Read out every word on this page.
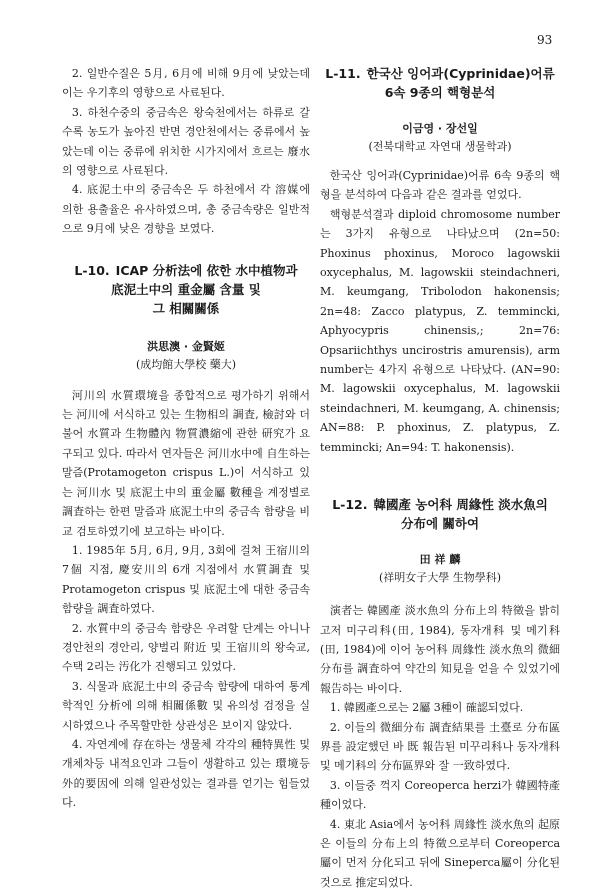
93

2. 일반수질은 5月, 6月에 비해 9月에 낮았는데 이는 우기후의 영향으로 사료된다.

3. 하천수중의 중금속은 왕숙천에서는 하류로 갈수록 농도가 높아진 반면 경안천에서는 중류에서 높았는데 이는 중류에 위치한 시가지에서 흐르는 廢水의 영향으로 사료된다.

4. 底泥土中의 중금속은 두 하천에서 각 溶媒에 의한 용출율은 유사하였으며, 총 중금속량은 일반적으로 9月에 낮은 경향을 보였다.

L-10. ICAP 分析法에 依한 水中植物과
底泥土中의 重金屬 含量 및
그 相關關係
洪思澳 · 金賢姬
(成均館大學校 藥大)

河川의 水質環境을 종합적으로 평가하기 위해서는 河川에 서식하고 있는 生物相의 調査, 檢討와 더불어 水質과 生物體內 物質濃縮에 관한 研究가 요구되고 있다. 따라서 연자들은 河川水中에 自生하는 말즘(Protamogeton crispus L.)이 서식하고 있는 河川水 및 底泥土中의 重金屬 數種을 계정별로 調査하는 한편 말즘과 底泥土中의 중금속 함량을 비교 검토하였기에 보고하는 바이다.

1. 1985年 5月, 6月, 9月, 3회에 걸쳐 王宿川의 7個 지점, 慶安川의 6개 지점에서 水質調査 및 Protamogeton crispus 및 底泥土에 대한 중금속 함량을 調査하였다.

2. 水質中의 중금속 함량은 우려할 단계는 아니나 경안천의 경안리, 양벌리 附近 및 王宿川의 왕숙교, 수택 2리는 汚化가 진행되고 있었다.

3. 식물과 底泥土中의 중금속 함량에 대하여 통계학적인 分析에 의해 相關係數 및 유의성 검정을 실시하였으나 주목할만한 상관성은 보이지 않았다.

4. 자연계에 存在하는 생물체 각각의 種特異性 및 개체차등 내적요인과 그들이 생활하고 있는 環境등 外的要因에 의해 일관성있는 결과를 얻기는 힘들었다.

L-11. 한국산 잉어과(Cyprinidae)어류
6속 9종의 핵형분석
이금영 · 장선일
(전북대학교 자연대 생물학과)

한국산 잉어과(Cyprinidae)어류 6속 9종의 핵형을 분석하여 다음과 같은 결과를 얻었다.

핵형분석결과 diploid chromosome number는 3가지 유형으로 나타났으며 (2n=50: Phoxinus phoxinus, Moroco lagowskii oxycephalus, M. lagowskii steindachneri, M. keumgang, Tribolodon hakonensis; 2n=48: Zacco platypus, Z. temmincki, Aphyocypris chinensis,; 2n=76: Opsariichthys uncirostris amurensis), arm number는 4가지 유형으로 나타났다. (AN=90: M. lagowskii oxycephalus, M. lagowskii steindachneri, M. keumgang, A. chinensis; AN=88: P. phoxinus, Z. platypus, Z. temmincki; An=94: T. hakonensis).

L-12. 韓國產 농어科 周緣性 淡水魚의
分布에 關하여
田 祥 麟
(祥明女子大學 生物學科)

演者는 韓國產 淡水魚의 分布上의 特徵을 밝히고저 미구리科(田, 1984), 동자개科 및 메기科(田, 1984)에 이어 농어科 周緣性 淡水魚의 微細分布를 調査하여 약간의 知見을 얻을 수 있었기에 報告하는 바이다.

1. 韓國產으로는 2屬 3種이 確認되었다.

2. 이들의 微細分布 調査結果를 土臺로 分布區界를 設定했던 바 既 報告된 미꾸리科나 동자개科 및 메기科의 分布區界와 잘 一致하였다.

3. 이들중 꺽지 Coreoperca herzi가 韓國特產種이었다.

4. 東北 Asia에서 농어科 周緣性 淡水魚의 起原은 이들의 分布上의 特徵으로부터 Coreoperca屬이 먼저 分化되고 뒤에 Sineperca屬이 分化된 것으로 推定되었다.
